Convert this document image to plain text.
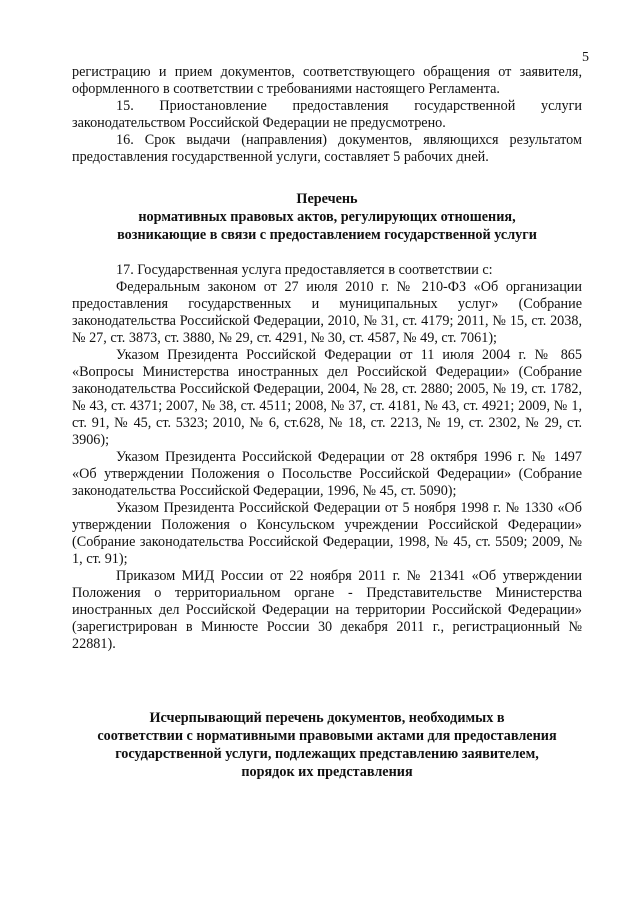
5

регистрацию и прием документов, соответствующего обращения от заявителя, оформленного в соответствии с требованиями настоящего Регламента.

15. Приостановление предоставления государственной услуги законодательством Российской Федерации не предусмотрено.

16. Срок выдачи (направления) документов, являющихся результатом предоставления государственной услуги, составляет 5 рабочих дней.

Перечень

нормативных правовых актов, регулирующих отношения,

возникающие в связи с предоставлением государственной услуги

17. Государственная услуга предоставляется в соответствии с:

Федеральным законом от 27 июля 2010 г. № 210-ФЗ «Об организации предоставления государственных и муниципальных услуг» (Собрание законодательства Российской Федерации, 2010, № 31, ст. 4179; 2011, № 15, ст. 2038, № 27, ст. 3873, ст. 3880, № 29, ст. 4291, № 30, ст. 4587, № 49, ст. 7061);

Указом Президента Российской Федерации от 11 июля 2004 г. № 865 «Вопросы Министерства иностранных дел Российской Федерации» (Собрание законодательства Российской Федерации, 2004, № 28, ст. 2880; 2005, № 19, ст. 1782, № 43, ст. 4371; 2007, № 38, ст. 4511; 2008, № 37, ст. 4181, № 43, ст. 4921; 2009, № 1, ст. 91, № 45, ст. 5323; 2010, № 6, ст.628, № 18, ст. 2213, № 19, ст. 2302, № 29, ст. 3906);

Указом Президента Российской Федерации от 28 октября 1996 г. № 1497 «Об утверждении Положения о Посольстве Российской Федерации» (Собрание законодательства Российской Федерации, 1996, № 45, ст. 5090);

Указом Президента Российской Федерации от 5 ноября 1998 г. № 1330 «Об утверждении Положения о Консульском учреждении Российской Федерации» (Собрание законодательства Российской Федерации, 1998, № 45, ст. 5509; 2009, № 1, ст. 91);

Приказом МИД России от 22 ноября 2011 г. № 21341 «Об утверждении Положения о территориальном органе - Представительстве Министерства иностранных дел Российской Федерации на территории Российской Федерации» (зарегистрирован в Минюсте России 30 декабря 2011 г., регистрационный № 22881).

Исчерпывающий перечень документов, необходимых в

соответствии с нормативными правовыми актами для предоставления

государственной услуги, подлежащих представлению заявителем,

порядок их представления
